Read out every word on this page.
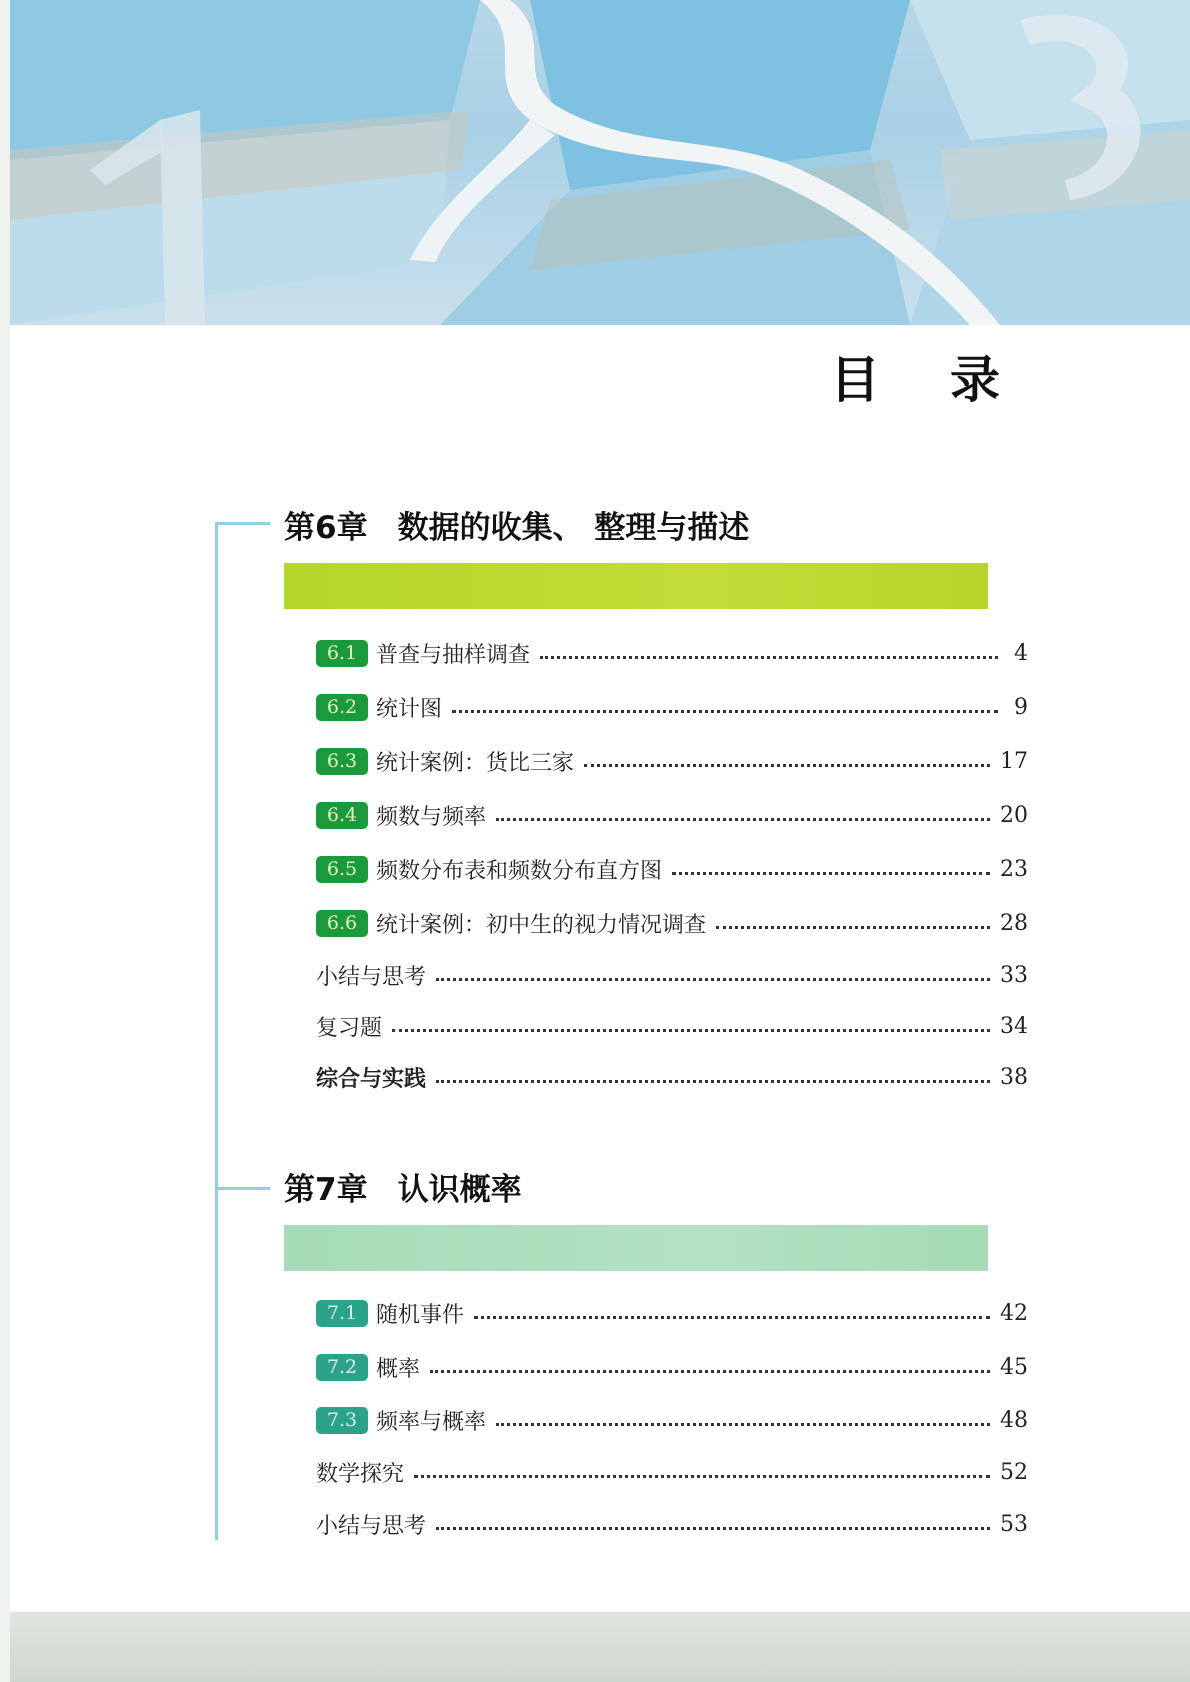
目 录
第6章 数据的收集、 整理与描述
6.1 普查与抽样调查	4
6.2 统计图	9
6.3 统计案例：货比三家	17
6.4 频数与频率	20
6.5 频数分布表和频数分布直方图	23
6.6 统计案例：初中生的视力情况调查	28
小结与思考	33
复习题	34
综合与实践	38
第7章 认识概率
7.1 随机事件	42
7.2 概率	45
7.3 频率与概率	48
数学探究	52
小结与思考	53
